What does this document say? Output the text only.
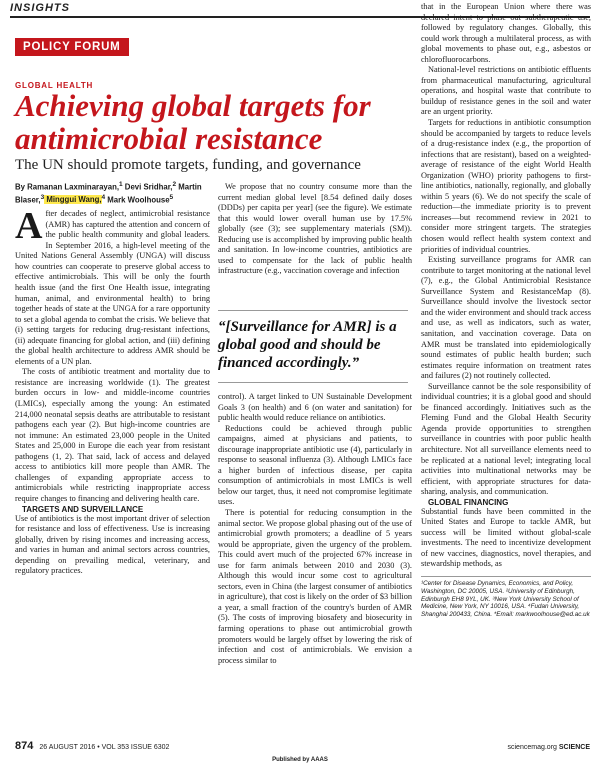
INSIGHTS
POLICY FORUM
GLOBAL HEALTH
Achieving global targets for antimicrobial resistance
The UN should promote targets, funding, and governance
By Ramanan Laxminarayan,$^1$ Devi Sridhar,$^2$ Martin Blaser,$^3$ Minggui Wang,$^4$ Mark Woolhouse$^5$

After decades of neglect, antimicrobial resistance (AMR) has captured the attention and concern of the public health community and global leaders. In September 2016, a high-level meeting of the United Nations General Assembly (UNGA) will discuss how countries can cooperate to preserve global access to effective antimicrobials. This will be only the fourth health issue (and the first One Health issue, integrating human, animal, and environmental health) to bring together heads of state at the UNGA for a rare opportunity to set a global agenda to combat the crisis. We believe that (i) setting targets for reducing drug-resistant infections, (ii) adequate financing for global action, and (iii) defining the global health architecture to address AMR should be elements of a UN plan.

The costs of antibiotic treatment and mortality due to resistance are increasing worldwide (1). The greatest burden occurs in low- and middle-income countries (LMICs), especially among the young: An estimated 214,000 neonatal sepsis deaths are attributable to resistant pathogens each year (2). But high-income countries are not immune: An estimated 23,000 people in the United States and 25,000 in Europe die each year from resistant pathogens (1, 2). That said, lack of access and delayed access to antibiotics kill more people than AMR. The challenges of expanding appropriate access to antimicrobials while restricting inappropriate access require changes to financing and delivering health care.

TARGETS AND SURVEILLANCE

Use of antibiotics is the most important driver of selection for resistance and loss of effectiveness. Use is increasing globally, driven by rising incomes and increasing access, and varies in human and animal sectors across countries, depending on prevailing medical, veterinary, and regulatory practices.

We propose that no country consume more than the current median global level [8.54 defined daily doses (DDDs) per capita per year] (see the figure). We estimate that this would lower overall human use by 17.5% globally (see (3); see supplementary materials (SM)). Reducing use is accomplished by improving public health and sanitation. In low-income countries, antibiotics are used to compensate for the lack of public health infrastructure (e.g., vaccination coverage and infection

“[Surveillance for AMR] is a global good and should be financed accordingly.”

control). A target linked to UN Sustainable Development Goals 3 (on health) and 6 (on water and sanitation) for public health would reduce reliance on antibiotics.

Reductions could be achieved through public campaigns, aimed at physicians and patients, to discourage inappropriate antibiotic use (4), particularly in response to seasonal influenza (3). Although LMICs face a higher burden of infectious disease, per capita consumption of antimicrobials in most LMICs is well below our target, thus, it need not compromise legitimate uses.

There is potential for reducing consumption in the animal sector. We propose global phasing out of the use of antimicrobial growth promoters; a deadline of 5 years would be appropriate, given the urgency of the problem. This could avert much of the projected 67% increase in use for farm animals between 2010 and 2030 (3). Although this would incur some cost to agricultural sectors, even in China (the largest consumer of antibiotics in agriculture), that cost is likely on the order of $3 billion a year, a small fraction of the country's burden of AMR (5). The costs of improving biosafety and biosecurity in farming operations to phase out antimicrobial growth promoters would be largely offset by lowering the risk of infection and cost of antimicrobials. We envision a process similar to

that in the European Union where there was declared intent to phase out subtherapeutic use, followed by regulatory changes. Globally, this could work through a multilateral process, as with global movements to phase out, e.g., asbestos or chlorofluorocarbons.

National-level restrictions on antibiotic effluents from pharmaceutical manufacturing, agricultural operations, and hospital waste that contribute to buildup of resistance genes in the soil and water are an urgent priority.

Targets for reductions in antibiotic consumption should be accompanied by targets to reduce levels of a drug-resistance index (e.g., the proportion of infections that are resistant), based on a weighted-average of resistance of the eight World Health Organization (WHO) priority pathogens to first-line antibiotics, nationally, regionally, and globally within 5 years (6). We do not specify the scale of reduction—the immediate priority is to prevent increases—but recommend review in 2021 to consider more stringent targets. The strategies chosen would reflect health system context and priorities of individual countries.

Existing surveillance programs for AMR can contribute to target monitoring at the national level (7), e.g., the Global Antimicrobial Resistance Surveillance System and ResistanceMap (8). Surveillance should involve the livestock sector and the wider environment and should track access and use, as well as indicators, such as water, sanitation, and vaccination coverage. Data on AMR must be translated into epidemiologically sound estimates of public health burden; such estimates require information on treatment rates and failures (2) not routinely collected.

Surveillance cannot be the sole responsibility of individual countries; it is a global good and should be financed accordingly. Initiatives such as the Fleming Fund and the Global Health Security Agenda provide opportunities to strengthen surveillance in countries with poor public health architecture. Not all surveillance elements need to be replicated at a national level; integrating local activities into multinational networks may be efficient, with appropriate structures for data-sharing, analysis, and communication.

GLOBAL FINANCING

Substantial funds have been committed in the United States and Europe to tackle AMR, but success will be limited without global-scale investments. The need to incentivize development of new vaccines, diagnostics, novel therapies, and stewardship methods, as

¹Center for Disease Dynamics, Economics, and Policy, Washington, DC 20005, USA. ²University of Edinburgh, Edinburgh EH8 9YL, UK. ³New York University School of Medicine, New York, NY 10016, USA. ⁴Fudan University, Shanghai 200433, China. *Email: markwoolhouse@ed.ac.uk
874 26 AUGUST 2016 • VOL 353 ISSUE 6302	sciencemag.org SCIENCE
Published by AAAS
